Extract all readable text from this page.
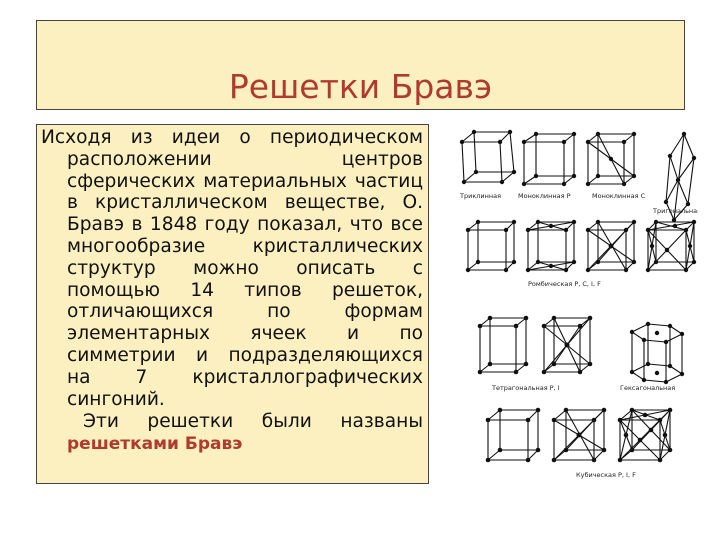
Решетки Бравэ

Исходя из идеи о периодическом расположении центров сферических материальных частиц в кристаллическом веществе, О. Бравэ в 1848 году показал, что все многообразие кристаллических структур можно описать с помощью 14 типов решеток, отличающихся по формам элементарных ячеек и по симметрии и подразделяющихся на 7 кристаллографических сингоний.

Эти решетки были названы решетками Бравэ

Триклинная	Моноклинная P	Моноклинная C
Тригональная
Ромбическая P, C, I, F
Тетрагональная P, I	Гексагональная
Кубическая P, I, F
